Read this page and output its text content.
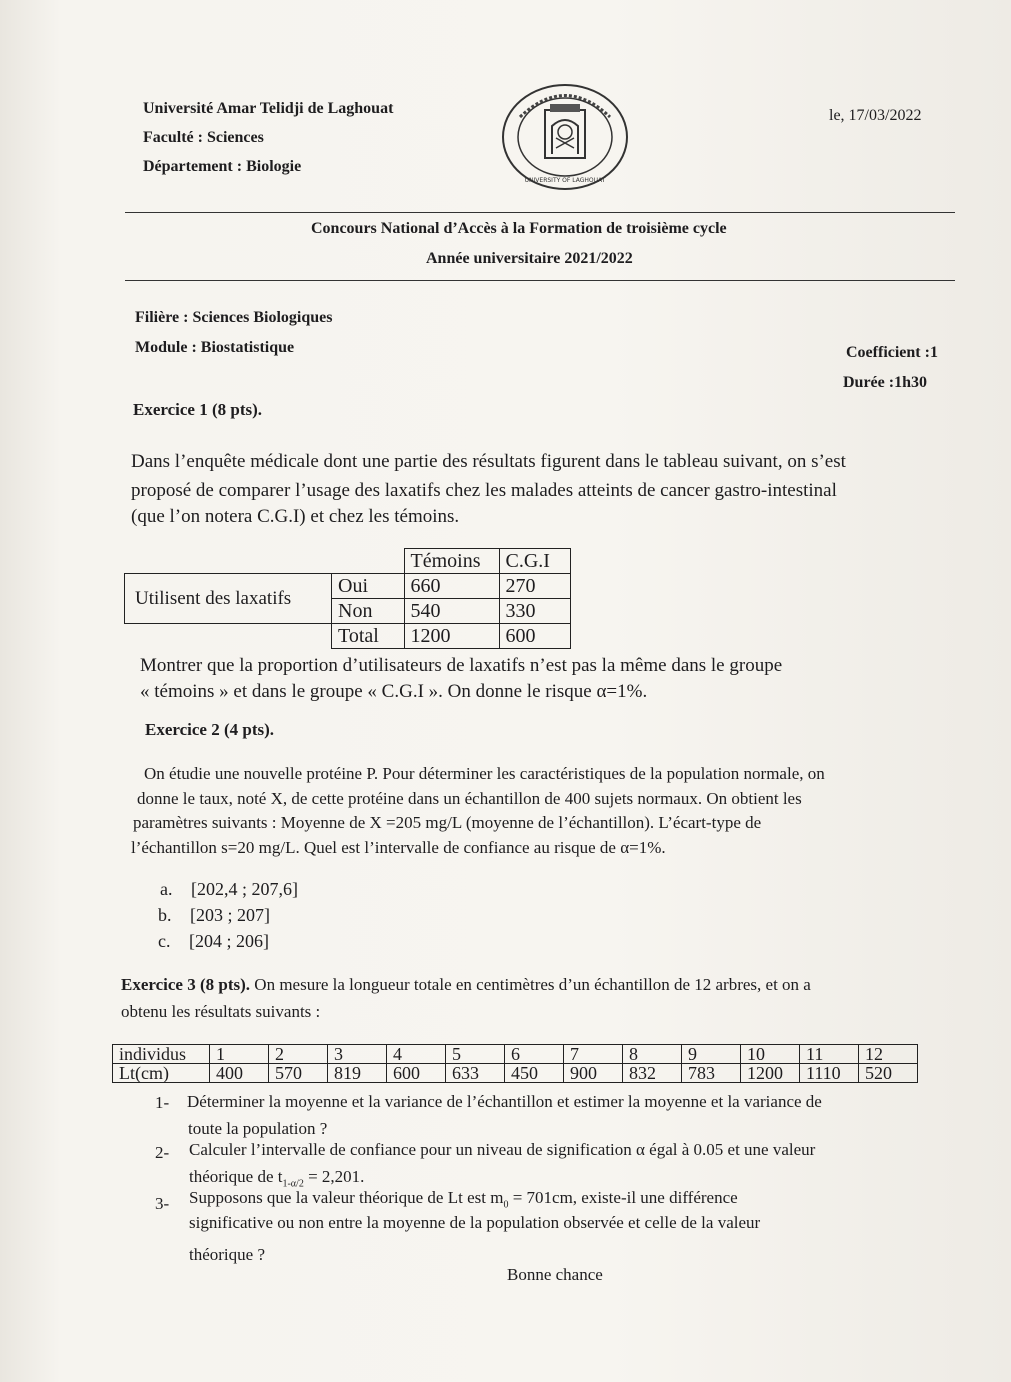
Université Amar Telidji de Laghouat
Faculté : Sciences
Département : Biologie
le, 17/03/2022
UNIVERSITY OF LAGHOUAT
Concours National d’Accès à la Formation de troisième cycle
Année universitaire 2021/2022
Filière : Sciences Biologiques
Module : Biostatistique	Coefficient :1
Durée :1h30
Exercice 1 (8 pts).
Dans l’enquête médicale dont une partie des résultats figurent dans le tableau suivant, on s’est
proposé de comparer l’usage des laxatifs chez les malades atteints de cancer gastro-intestinal
(que l’on notera C.G.I) et chez les témoins.
		Témoins	C.G.I
Utilisent des laxatifs	Oui	660	270
	Non	540	330
	Total	1200	600
Montrer que la proportion d’utilisateurs de laxatifs n’est pas la même dans le groupe
« témoins » et dans le groupe « C.G.I ». On donne le risque α=1%.
Exercice 2 (4 pts).
On étudie une nouvelle protéine P. Pour déterminer les caractéristiques de la population normale, on
donne le taux, noté X, de cette protéine dans un échantillon de 400 sujets normaux. On obtient les
paramètres suivants : Moyenne de X =205 mg/L (moyenne de l’échantillon). L’écart-type de
l’échantillon s=20 mg/L. Quel est l’intervalle de confiance au risque de α=1%.
a. [202,4 ; 207,6]
b. [203 ; 207]
c. [204 ; 206]
Exercice 3 (8 pts). On mesure la longueur totale en centimètres d’un échantillon de 12 arbres, et on a
obtenu les résultats suivants :
individus	1	2	3	4	5	6	7	8	9	10	11	12
Lt(cm)	400	570	819	600	633	450	900	832	783	1200	1110	520
1- Déterminer la moyenne et la variance de l’échantillon et estimer la moyenne et la variance de
toute la population ?
2- Calculer l’intervalle de confiance pour un niveau de signification α égal à 0.05 et une valeur
théorique de $t_{1-\alpha/2} = 2,201$.
3- Supposons que la valeur théorique de Lt est $m_0 = 701cm$, existe-il une différence
significative ou non entre la moyenne de la population observée et celle de la valeur
théorique ?
Bonne chance
